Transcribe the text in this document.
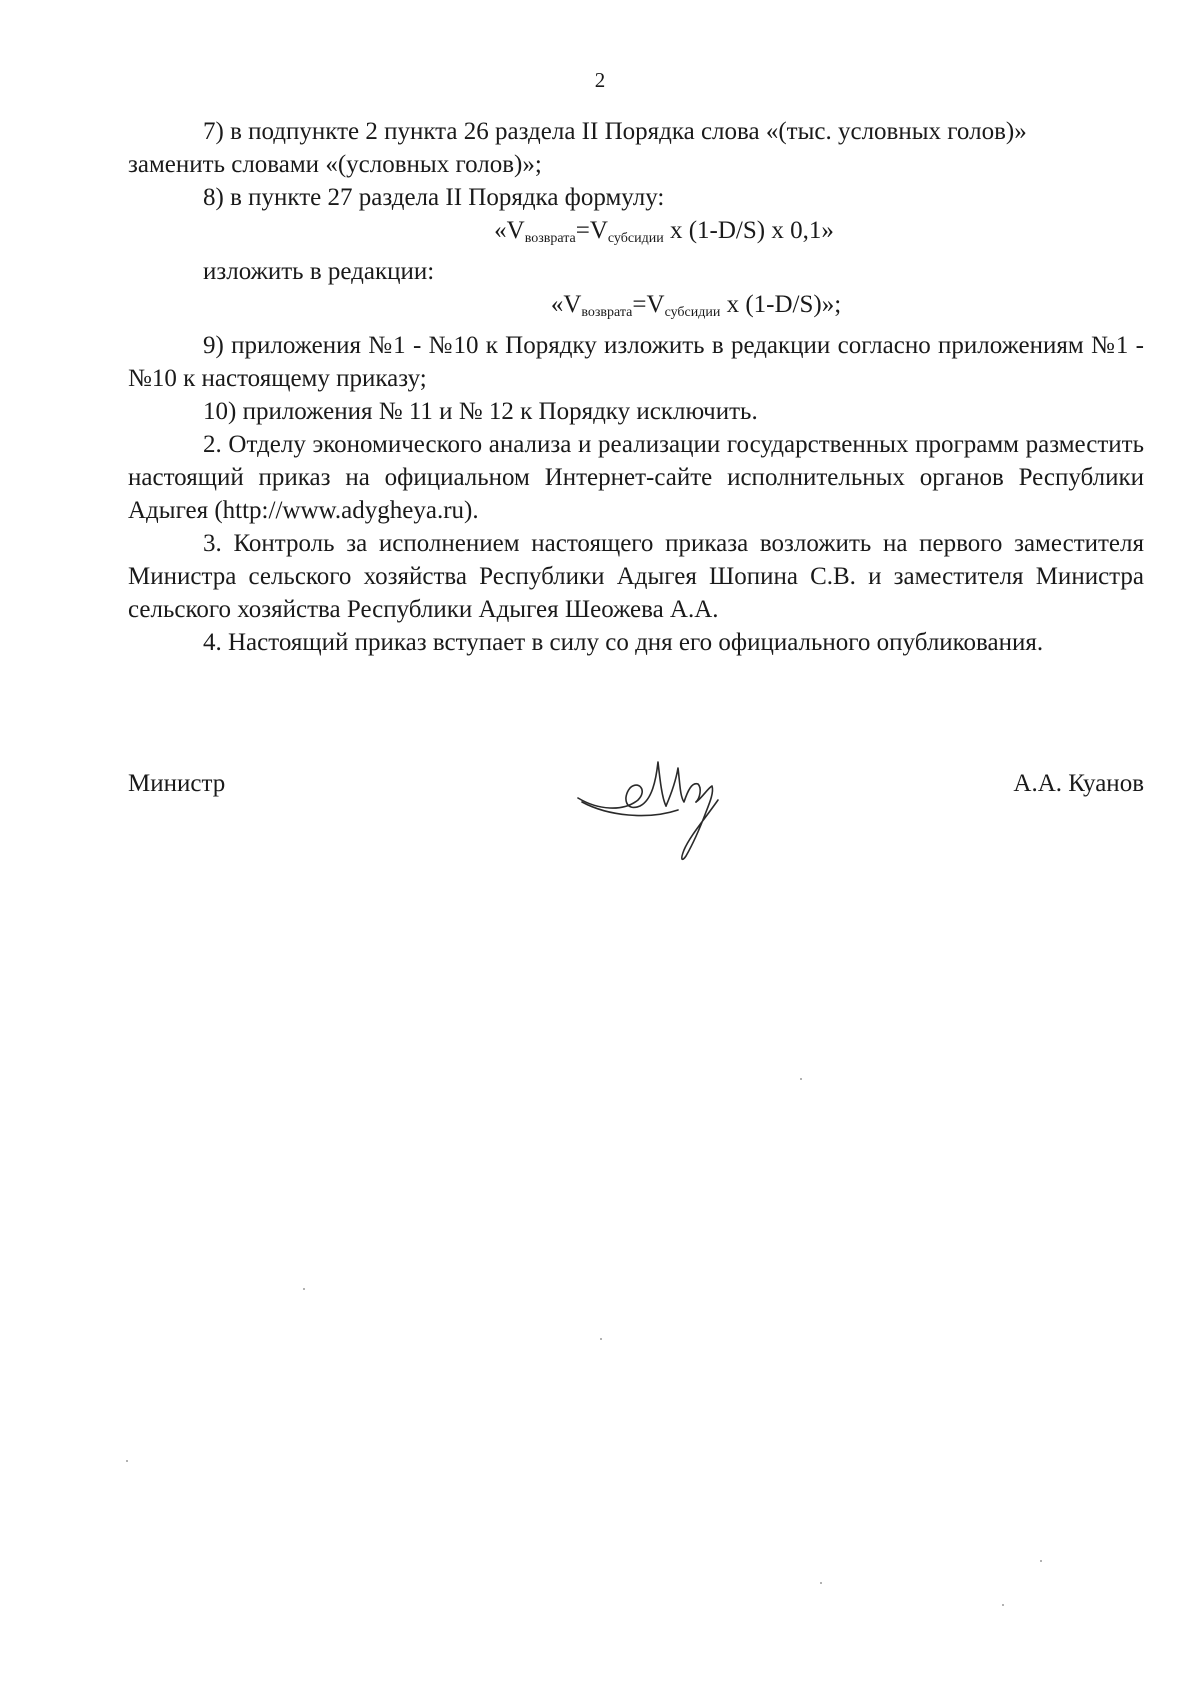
2

7) в подпункте 2 пункта 26 раздела II Порядка слова «(тыс. условных голов)»

заменить словами «(условных голов)»;

8) в пункте 27 раздела II Порядка формулу:

«$V_{возврата}=V_{субсидии}$ x (1-D/S) x 0,1»

изложить в редакции:

«$V_{возврата}=V_{субсидии}$ x (1-D/S)»;

9) приложения №1 - №10 к Порядку изложить в редакции согласно приложениям №1 - №10 к настоящему приказу;

10) приложения № 11 и № 12 к Порядку исключить.

2. Отделу экономического анализа и реализации государственных программ разместить настоящий приказ на официальном Интернет-сайте исполнительных органов Республики Адыгея (http://www.adygheya.ru).

3. Контроль за исполнением настоящего приказа возложить на первого заместителя Министра сельского хозяйства Республики Адыгея Шопина С.В. и заместителя Министра сельского хозяйства Республики Адыгея Шеожева А.А.

4. Настоящий приказ вступает в силу со дня его официального опубликования.

Министр	А.А. Куанов
